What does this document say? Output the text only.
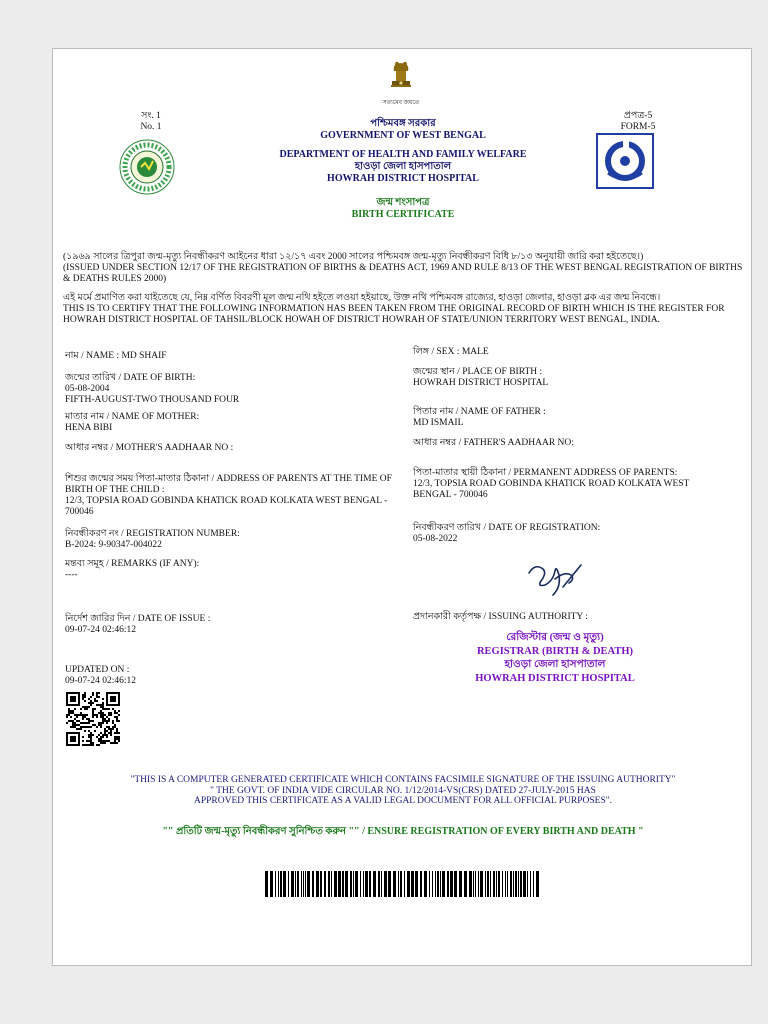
সত্যমেব জয়তে
সং. 1
No. 1
প্রপত্র-5
FORM-5
পশ্চিমবঙ্গ সরকার
GOVERNMENT OF WEST BENGAL
DEPARTMENT OF HEALTH AND FAMILY WELFARE
হাওড়া জেলা হাসপাতাল
HOWRAH DISTRICT HOSPITAL
জন্ম শংসাপত্র
BIRTH CERTIFICATE
(১৯৬৯ সালের ত্রিপুরা জন্ম-মৃত্যু নিবন্ধীকরণ আইনের ধারা ১২/১৭ এবং 2000 সালের পশ্চিমবঙ্গ জন্ম-মৃত্যু নিবন্ধীকরণ বিধি ৮/১৩ অনুযায়ী জারি করা হইতেছে।)
(ISSUED UNDER SECTION 12/17 OF THE REGISTRATION OF BIRTHS & DEATHS ACT, 1969 AND RULE 8/13 OF THE WEST BENGAL REGISTRATION OF BIRTHS & DEATHS RULES 2000)
এই মর্মে প্রমাণিত করা যাইতেছে যে, নিম্ন বর্ণিত বিবরণী মূল জন্ম নথি হইতে লওয়া হইয়াছে, উক্ত নথি পশ্চিমবঙ্গ রাজ্যের, হাওড়া জেলার, হাওড়া ব্লক এর জন্ম নিবন্ধে।
THIS IS TO CERTIFY THAT THE FOLLOWING INFORMATION HAS BEEN TAKEN FROM THE ORIGINAL RECORD OF BIRTH WHICH IS THE REGISTER FOR HOWRAH DISTRICT HOSPITAL OF TAHSIL/BLOCK HOWAH OF DISTRICT HOWRAH OF STATE/UNION TERRITORY WEST BENGAL, INDIA.
নাম / NAME : MD SHAIF
জন্মের তারিখ / DATE OF BIRTH:
05-08-2004
FIFTH-AUGUST-TWO THOUSAND FOUR
মাতার নাম / NAME OF MOTHER:
HENA BIBI
আধার নম্বর / MOTHER'S AADHAAR NO :
শিশুর জন্মের সময় পিতা-মাতার ঠিকানা / ADDRESS OF PARENTS AT THE TIME OF BIRTH OF THE CHILD :
12/3, TOPSIA ROAD GOBINDA KHATICK ROAD KOLKATA WEST BENGAL - 700046
নিবন্ধীকরণ নং / REGISTRATION NUMBER:
B-2024: 9-90347-004022
মন্তব্য সমূহ / REMARKS (IF ANY):
----
নির্দেশ জারির দিন / DATE OF ISSUE :
09-07-24 02:46:12
UPDATED ON :
09-07-24 02:46:12
লিঙ্গ / SEX : MALE
জন্মের স্থান / PLACE OF BIRTH :
HOWRAH DISTRICT HOSPITAL
পিতার নাম / NAME OF FATHER :
MD ISMAIL
আধার নম্বর / FATHER'S AADHAAR NO:
পিতা-মাতার স্থায়ী ঠিকানা / PERMANENT ADDRESS OF PARENTS:
12/3, TOPSIA ROAD GOBINDA KHATICK ROAD KOLKATA WEST BENGAL - 700046
নিবন্ধীকরণ তারিখ / DATE OF REGISTRATION:
05-08-2022
প্রদানকারী কর্তৃপক্ষ / ISSUING AUTHORITY :
রেজিস্টার (জন্ম ও মৃত্যু)
REGISTRAR (BIRTH & DEATH)
হাওড়া জেলা হাসপাতাল
HOWRAH DISTRICT HOSPITAL
"THIS IS A COMPUTER GENERATED CERTIFICATE WHICH CONTAINS FACSIMILE SIGNATURE OF THE ISSUING AUTHORITY"
" THE GOVT. OF INDIA VIDE CIRCULAR NO. 1/12/2014-VS(CRS) DATED 27-JULY-2015 HAS
APPROVED THIS CERTIFICATE AS A VALID LEGAL DOCUMENT FOR ALL OFFICIAL PURPOSES".
"" প্রতিটি জন্ম-মৃত্যু নিবন্ধীকরণ সুনিশ্চিত করুন "" / ENSURE REGISTRATION OF EVERY BIRTH AND DEATH "
